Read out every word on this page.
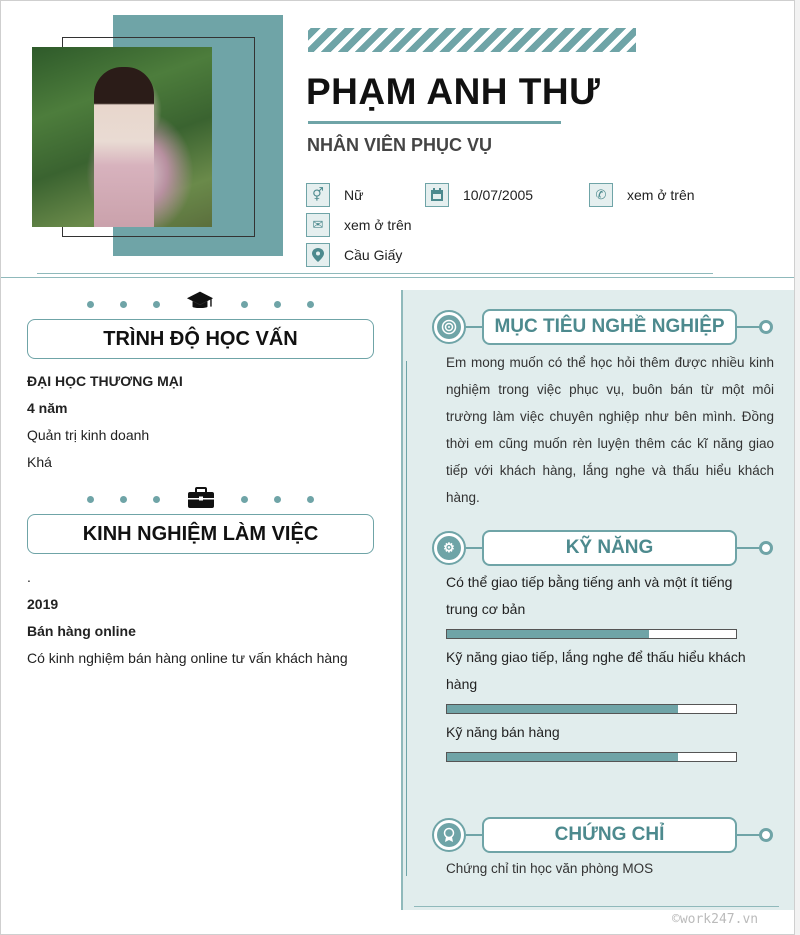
PHẠM ANH THƯ
NHÂN VIÊN PHỤC VỤ
⚥	Nữ	10/07/2005	✆	xem ở trên
✉	xem ở trên
Cầu Giấy
TRÌNH ĐỘ HỌC VẤN
ĐẠI HỌC THƯƠNG MẠI
4 năm
Quản trị kinh doanh
Khá
KINH NGHIỆM LÀM VIỆC
.
2019
Bán hàng online
Có kinh nghiệm bán hàng online tư vấn khách hàng
MỤC TIÊU NGHỀ NGHIỆP
Em mong muốn có thể học hỏi thêm được nhiều kinh nghiệm trong việc phục vụ, buôn bán từ một môi trường làm việc chuyên nghiệp như bên mình. Đồng thời em cũng muốn rèn luyện thêm các kĩ năng giao tiếp với khách hàng, lắng nghe và thấu hiểu khách hàng.
⚙	KỸ NĂNG
Có thể giao tiếp bằng tiếng anh và một ít tiếng trung cơ bản
Kỹ năng giao tiếp, lắng nghe để thấu hiểu khách hàng
Kỹ năng bán hàng
CHỨNG CHỈ
Chứng chỉ tin học văn phòng MOS
©work247.vn
